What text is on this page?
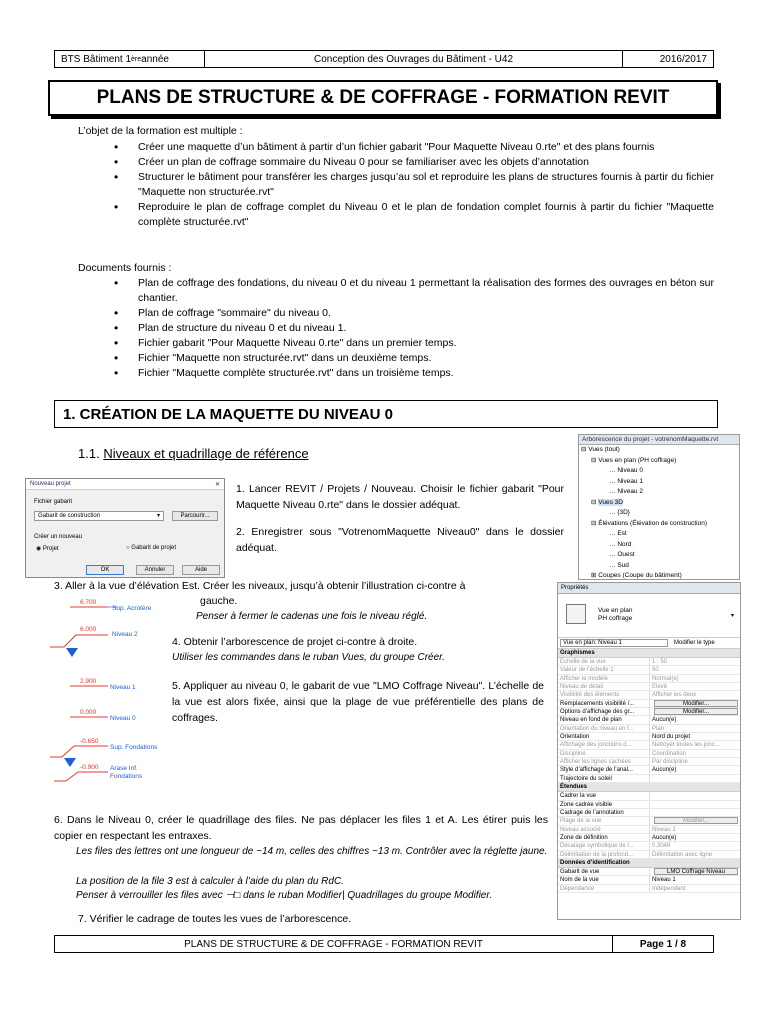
BTS Bâtiment 1 ère année	Conception des Ouvrages du Bâtiment - U42	2016/2017
PLANS DE STRUCTURE & DE COFFRAGE - FORMATION REVIT
L’objet de la formation est multiple :
• Créer une maquette d’un bâtiment à partir d’un fichier gabarit "Pour Maquette Niveau 0.rte" et des plans fournis
• Créer un plan de coffrage sommaire du Niveau 0 pour se familiariser avec les objets d’annotation
• Structurer le bâtiment pour transférer les charges jusqu’au sol et reproduire les plans de structures fournis à partir du fichier "Maquette non structurée.rvt"
• Reproduire le plan de coffrage complet du Niveau 0 et le plan de fondation complet fournis à partir du fichier "Maquette complète structurée.rvt"
Documents fournis :
• Plan de coffrage des fondations, du niveau 0 et du niveau 1 permettant la réalisation des formes des ouvrages en béton sur chantier.
• Plan de coffrage "sommaire" du niveau 0.
• Plan de structure du niveau 0 et du niveau 1.
• Fichier gabarit "Pour Maquette Niveau 0.rte" dans un premier temps.
• Fichier "Maquette non structurée.rvt" dans un deuxième temps.
• Fichier "Maquette complète structurée.rvt" dans un troisième temps.
1. CRÉATION DE LA MAQUETTE DU NIVEAU 0
1.1. Niveaux et quadrillage de référence
Nouveau projet	✕
Fichier gabarit
Gabarit de construction	▾	Parcourir...
Créer un nouveau
◉ Projet	○ Gabarit de projet
OK	Annuler	Aide
1. Lancer REVIT / Projets / Nouveau. Choisir le fichier gabarit "Pour Maquette Niveau 0.rte" dans le dossier adéquat.
2. Enregistrer sous "VotrenomMaquette Niveau0" dans le dossier adéquat.
Arborescence du projet - votrenomMaquette.rvt
⊟ Vues (tout)
⊟ Vues en plan (PH coffrage)
… Niveau 0
… Niveau 1
… Niveau 2
⊟ Vues 3D
… {3D}
⊟ Élévations (Élévation de construction)
… Est
… Nord
… Ouest
… Sud
⊞ Coupes (Coupe du bâtiment)
3. Aller à la vue d’élévation Est. Créer les niveaux, jusqu’à obtenir l’illustration ci-contre à
gauche.
Penser à fermer le cadenas une fois le niveau réglé.
6.700
Sup. Acrotère
6.000
Niveau 2
2.900
Niveau 1
0.000
Niveau 0
-0.650
Sup. Fondations
-0.900 Arase Inf.
Fondations
4. Obtenir l’arborescence de projet ci-contre à droite.
Utiliser les commandes dans le ruban Vues, du groupe Créer.
5. Appliquer au niveau 0, le gabarit de vue "LMO Coffrage Niveau". L’échelle de la vue est alors fixée, ainsi que la plage de vue préférentielle des plans de coffrages.
Propriétés
Vue en plan
PH coffrage	▾
Vue en plan: Niveau 1	Modifier le type
Graphismes
Échelle de la vue	1 : 50
Valeur de l’échelle 1:	50
Afficher le modèle	Normal(e)
Niveau de détail	Élevé
Visibilité des éléments	Afficher les deux
Remplacements visibilité /...	Modifier...
Options d’affichage des gr...	Modifier...
Niveau en fond de plan	Aucun(e)
Orientation du niveau en f...	Plan
Orientation	Nord du projet
Affichage des jonctions d...	Nettoyer toutes les jonc...
Discipline	Coordination
Afficher les lignes cachées	Par discipline
Style d’affichage de l’anal...	Aucun(e)
Trajectoire du soleil
Étendues
Cadrer la vue
Zone cadrée visible
Cadrage de l’annotation
Plage de la vue	Modifier...
Niveau associé	Niveau 1
Zone de définition	Aucun(e)
Décalage symbolique de l...	0.3048
Délimitation de la profond...	Délimitation avec ligne
Données d’identification
Gabarit de vue	LMO Coffrage Niveau
Nom de la vue	Niveau 1
Dépendance	Indépendant
6. Dans le Niveau 0, créer le quadrillage des files. Ne pas déplacer les files 1 et A. Les étirer puis les copier en respectant les entraxes.
Les files des lettres ont une longueur de ~14 m, celles des chiffres ~13 m. Contrôler avec la réglette jaune.
La position de la file 3 est à calculer à l’aide du plan du RdC.
Penser à verrouiller les files avec ⊣□ dans le ruban Modifier| Quadrillages du groupe Modifier.
7. Vérifier le cadrage de toutes les vues de l’arborescence.
PLANS DE STRUCTURE & DE COFFRAGE - FORMATION REVIT	Page 1 / 8
